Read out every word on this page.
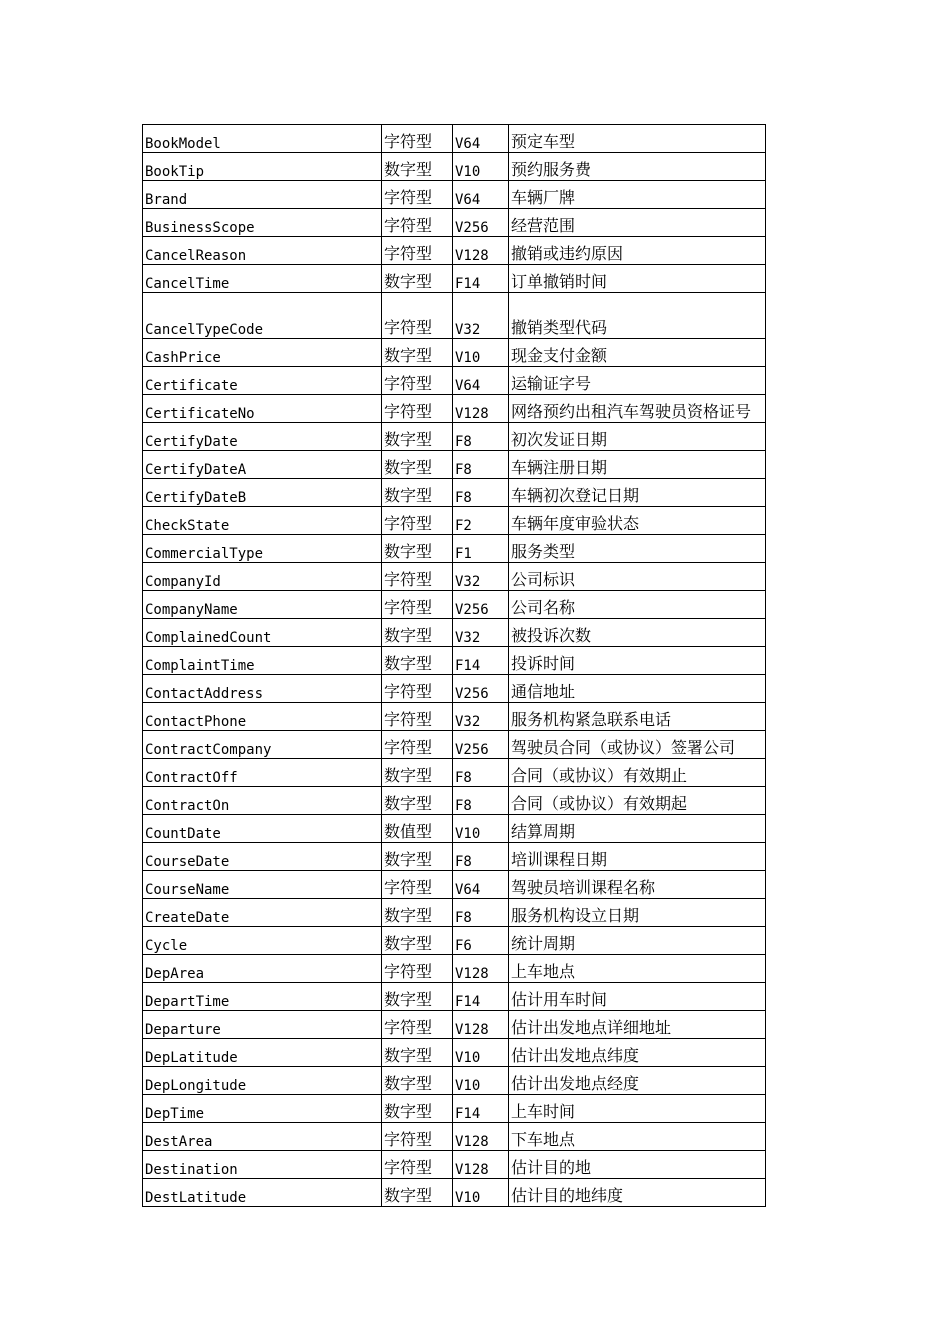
BookModel	字符型	V64	预定车型
BookTip	数字型	V10	预约服务费
Brand	字符型	V64	车辆厂牌
BusinessScope	字符型	V256	经营范围
CancelReason	字符型	V128	撤销或违约原因
CancelTime	数字型	F14	订单撤销时间
CancelTypeCode	字符型	V32	撤销类型代码
CashPrice	数字型	V10	现金支付金额
Certificate	字符型	V64	运输证字号
CertificateNo	字符型	V128	网络预约出租汽车驾驶员资格证号
CertifyDate	数字型	F8	初次发证日期
CertifyDateA	数字型	F8	车辆注册日期
CertifyDateB	数字型	F8	车辆初次登记日期
CheckState	字符型	F2	车辆年度审验状态
CommercialType	数字型	F1	服务类型
CompanyId	字符型	V32	公司标识
CompanyName	字符型	V256	公司名称
ComplainedCount	数字型	V32	被投诉次数
ComplaintTime	数字型	F14	投诉时间
ContactAddress	字符型	V256	通信地址
ContactPhone	字符型	V32	服务机构紧急联系电话
ContractCompany	字符型	V256	驾驶员合同（或协议）签署公司
ContractOff	数字型	F8	合同（或协议）有效期止
ContractOn	数字型	F8	合同（或协议）有效期起
CountDate	数值型	V10	结算周期
CourseDate	数字型	F8	培训课程日期
CourseName	字符型	V64	驾驶员培训课程名称
CreateDate	数字型	F8	服务机构设立日期
Cycle	数字型	F6	统计周期
DepArea	字符型	V128	上车地点
DepartTime	数字型	F14	估计用车时间
Departure	字符型	V128	估计出发地点详细地址
DepLatitude	数字型	V10	估计出发地点纬度
DepLongitude	数字型	V10	估计出发地点经度
DepTime	数字型	F14	上车时间
DestArea	字符型	V128	下车地点
Destination	字符型	V128	估计目的地
DestLatitude	数字型	V10	估计目的地纬度
